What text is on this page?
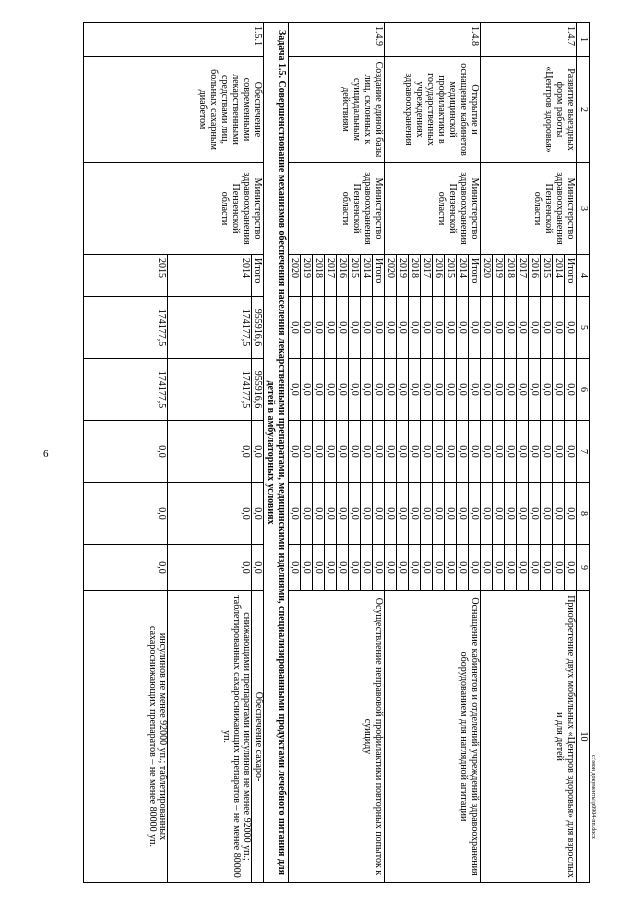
6
c:\мои документы\р0904-пп.docx
1	2	3	4	5	6	7	8	9	10
1.4.7	Развитие выездных форм работы «Центров здоровья»	Министерство здравоохранения Пензенской области	Итого	0,0	0,0	0,0	0,0	0,0	Приобретение двух мобильных «Центров здоровья» для взрослых и для детей
			2014	0,0	0,0	0,0	0,0	0,0	
			2015	0,0	0,0	0,0	0,0	0,0	
			2016	0,0	0,0	0,0	0,0	0,0	
			2017	0,0	0,0	0,0	0,0	0,0	
			2018	0,0	0,0	0,0	0,0	0,0	
			2019	0,0	0,0	0,0	0,0	0,0	
			2020	0,0	0,0	0,0	0,0	0,0	
1.4.8	Открытие и оснащение кабинетов медицинской профилактики в государственных учреждениях здравоохранения	Министерство здравоохранения Пензенской области	Итого	0,0	0,0	0,0	0,0	0,0	Оснащение кабинетов и отделений учреждений здравоохранения оборудованием для наглядной агитации
			2014	0,0	0,0	0,0	0,0	0,0	
			2015	0,0	0,0	0,0	0,0	0,0	
			2016	0,0	0,0	0,0	0,0	0,0	
			2017	0,0	0,0	0,0	0,0	0,0	
			2018	0,0	0,0	0,0	0,0	0,0	
			2019	0,0	0,0	0,0	0,0	0,0	
			2020	0,0	0,0	0,0	0,0	0,0	
1.4.9	Создание единой базы лиц, склонных к суицидальным действиям	Министерство здравоохранения Пензенской области	Итого	0,0	0,0	0,0	0,0	0,0	Осуществление неправовой профилактики повторных попыток к суициду
			2014	0,0	0,0	0,0	0,0	0,0	
			2015	0,0	0,0	0,0	0,0	0,0	
			2016	0,0	0,0	0,0	0,0	0,0	
			2017	0,0	0,0	0,0	0,0	0,0	
			2018	0,0	0,0	0,0	0,0	0,0	
			2019	0,0	0,0	0,0	0,0	0,0	
			2020	0,0	0,0	0,0	0,0	0,0	
Задача 1.5. Совершенствование механизмов обеспечения населения лекарственными препаратами, медицинскими изделиями, специализированными продуктами лечебного питания для детей в амбулаторных условиях									
1.5.1	Обеспечение современными лекарственными средствами лиц, больных сахарным диабетом	Министерство здравоохранения Пензенской области	Итого	955916,6	955916,6	0,0	0,0	0,0	Обеспечение сахаро-
			2014	174177,5	174177,5	0,0	0,0	0,0	снижающими препаратами инсулинов не менее 92000 уп.; таблетированных сахароснижающих препаратов – не менее 80000 уп.
			2015	174177,5	174177,5	0,0	0,0	0,0	инсулинов не менее 92000 уп.; таблетированных сахароснижающих препаратов – не менее 80000 уп.
